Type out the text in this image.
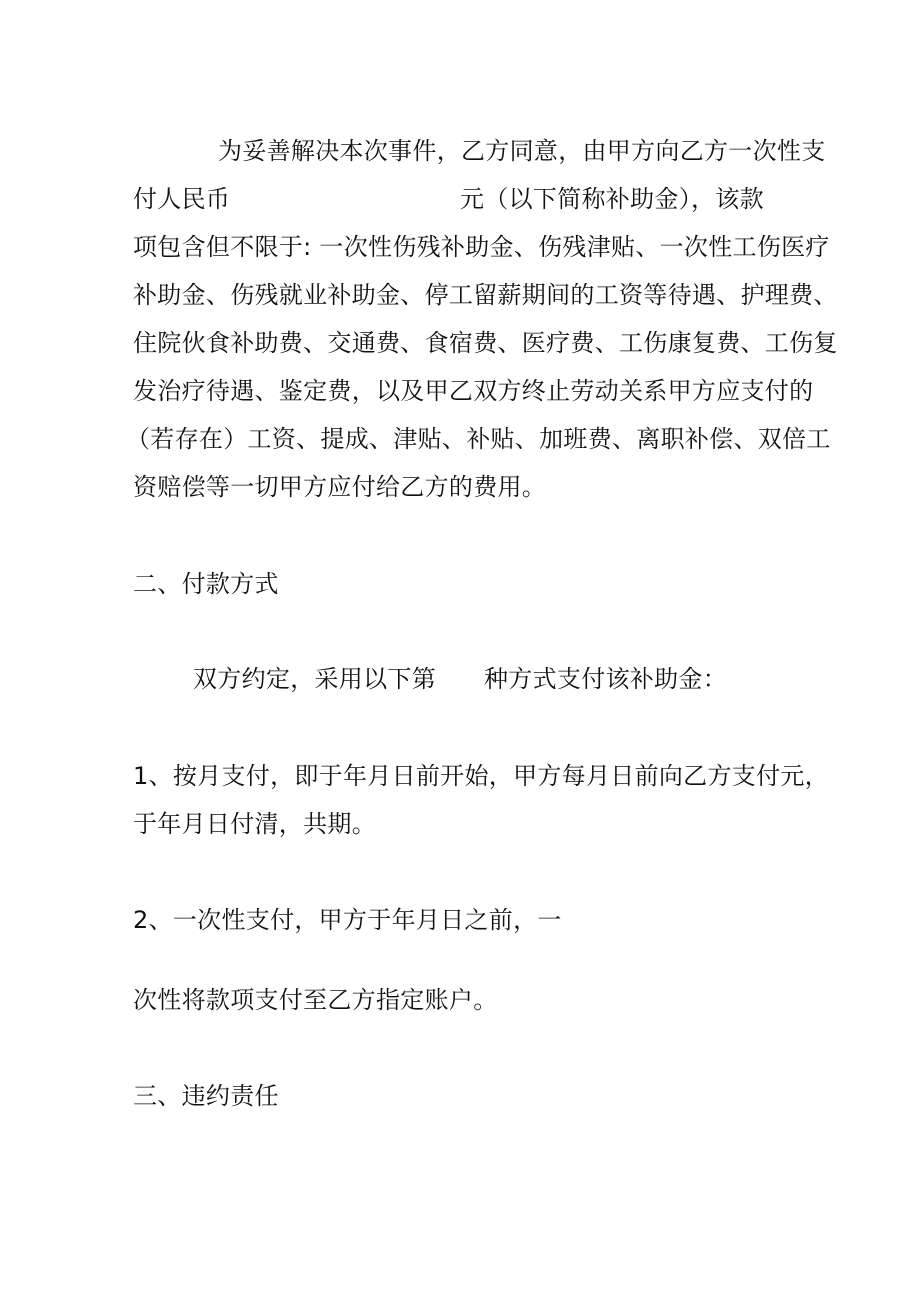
为妥善解决本次事件，乙方同意，由甲方向乙方一次性支
付人民币	元（以下简称补助金），该款
项包含但不限于: 一次性伤残补助金、伤残津贴、一次性工伤医疗
补助金、伤残就业补助金、停工留薪期间的工资等待遇、护理费、
住院伙食补助费、交通费、食宿费、医疗费、工伤康复费、工伤复
发治疗待遇、鉴定费，以及甲乙双方终止劳动关系甲方应支付的
（若存在）工资、提成、津贴、补贴、加班费、离职补偿、双倍工
资赔偿等一切甲方应付给乙方的费用。
二、付款方式
双方约定，采用以下第 种方式支付该补助金：
1、按月支付，即于年月日前开始，甲方每月日前向乙方支付元，
于年月日付清，共期。
2、一次性支付，甲方于年月日之前，一
次性将款项支付至乙方指定账户。
三、违约责任
